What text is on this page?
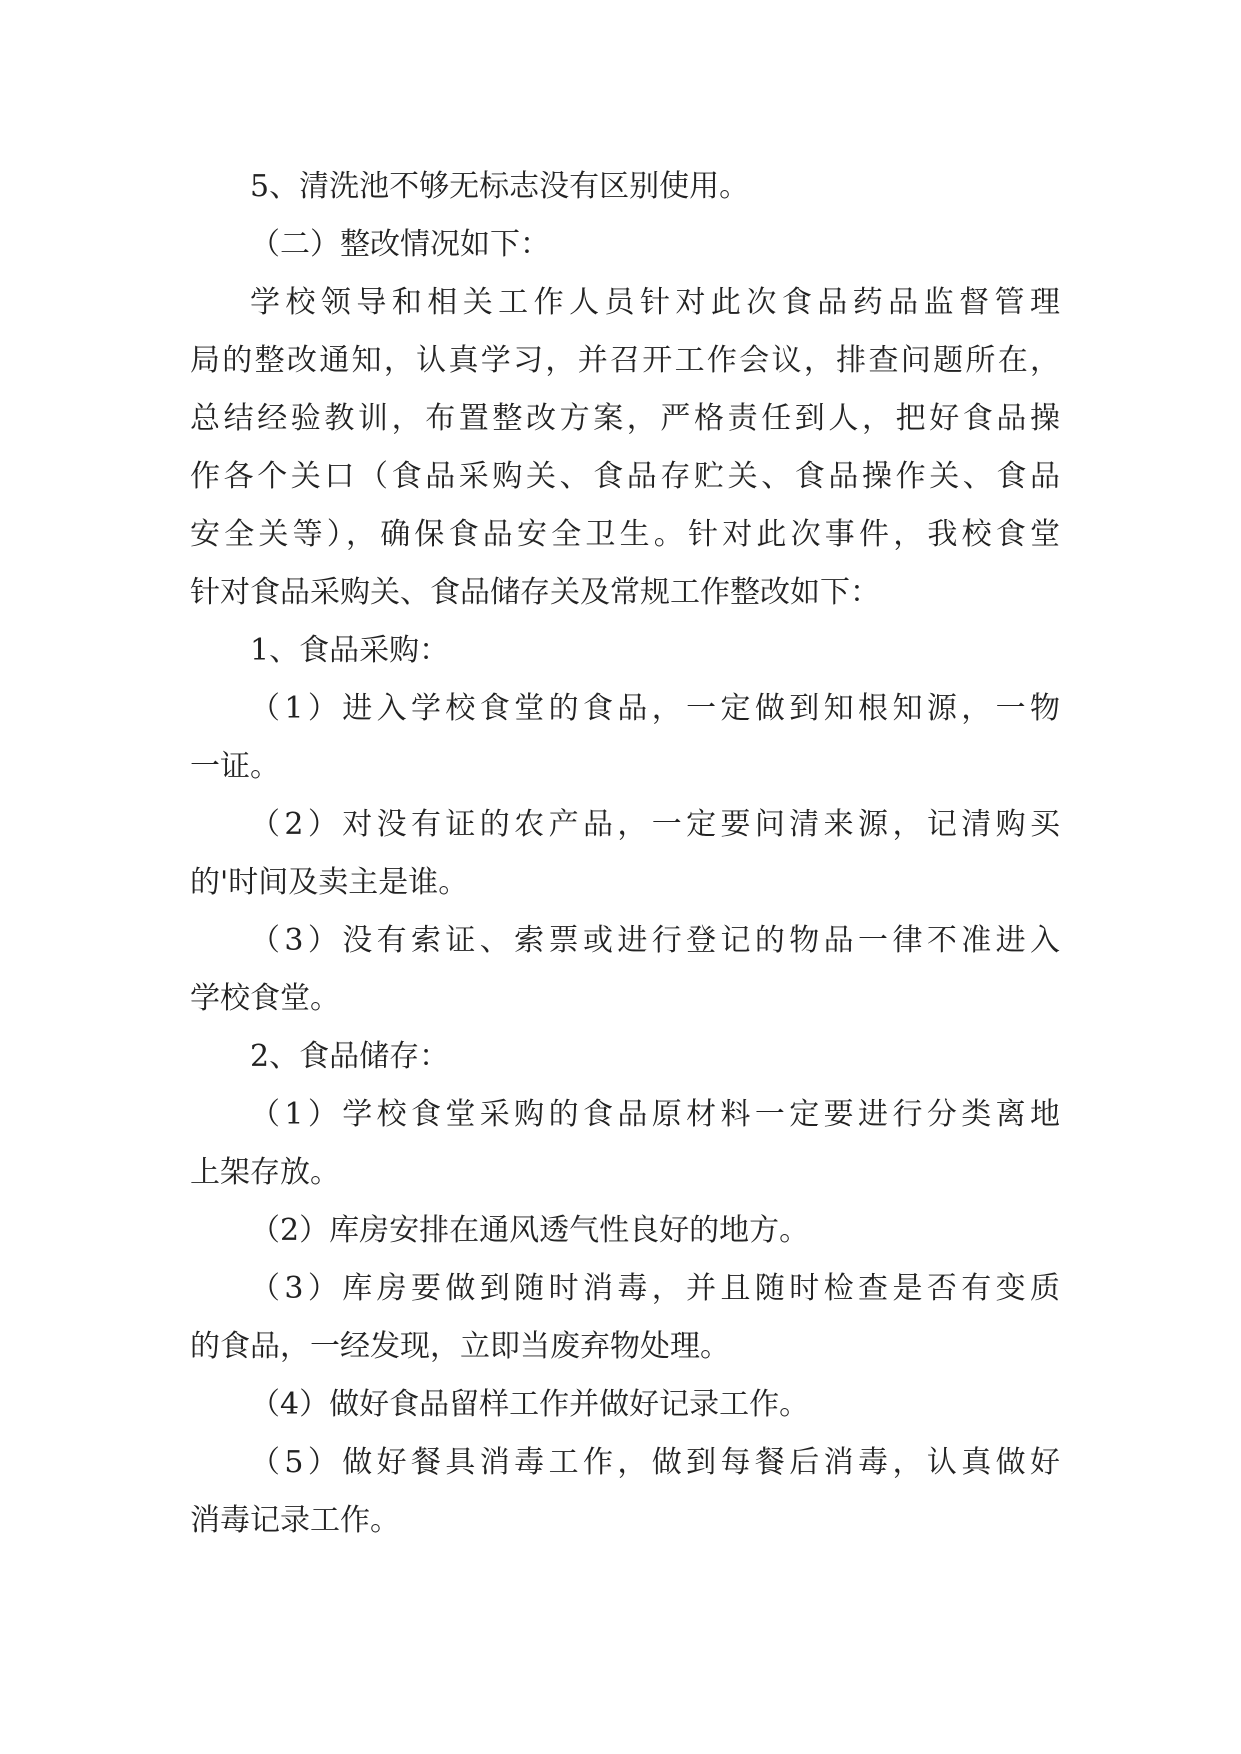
5、清洗池不够无标志没有区别使用。
（二）整改情况如下：
学校领导和相关工作人员针对此次食品药品监督管理
局的整改通知，认真学习，并召开工作会议，排查问题所在，
总结经验教训，布置整改方案，严格责任到人，把好食品操
作各个关口（食品采购关、食品存贮关、食品操作关、食品
安全关等），确保食品安全卫生。针对此次事件，我校食堂
针对食品采购关、食品储存关及常规工作整改如下：
1、食品采购：
（1）进入学校食堂的食品，一定做到知根知源，一物
一证。
（2）对没有证的农产品，一定要问清来源，记清购买
的'时间及卖主是谁。
（3）没有索证、索票或进行登记的物品一律不准进入
学校食堂。
2、食品储存：
（1）学校食堂采购的食品原材料一定要进行分类离地
上架存放。
（2）库房安排在通风透气性良好的地方。
（3）库房要做到随时消毒，并且随时检查是否有变质
的食品，一经发现，立即当废弃物处理。
（4）做好食品留样工作并做好记录工作。
（5）做好餐具消毒工作，做到每餐后消毒，认真做好
消毒记录工作。
